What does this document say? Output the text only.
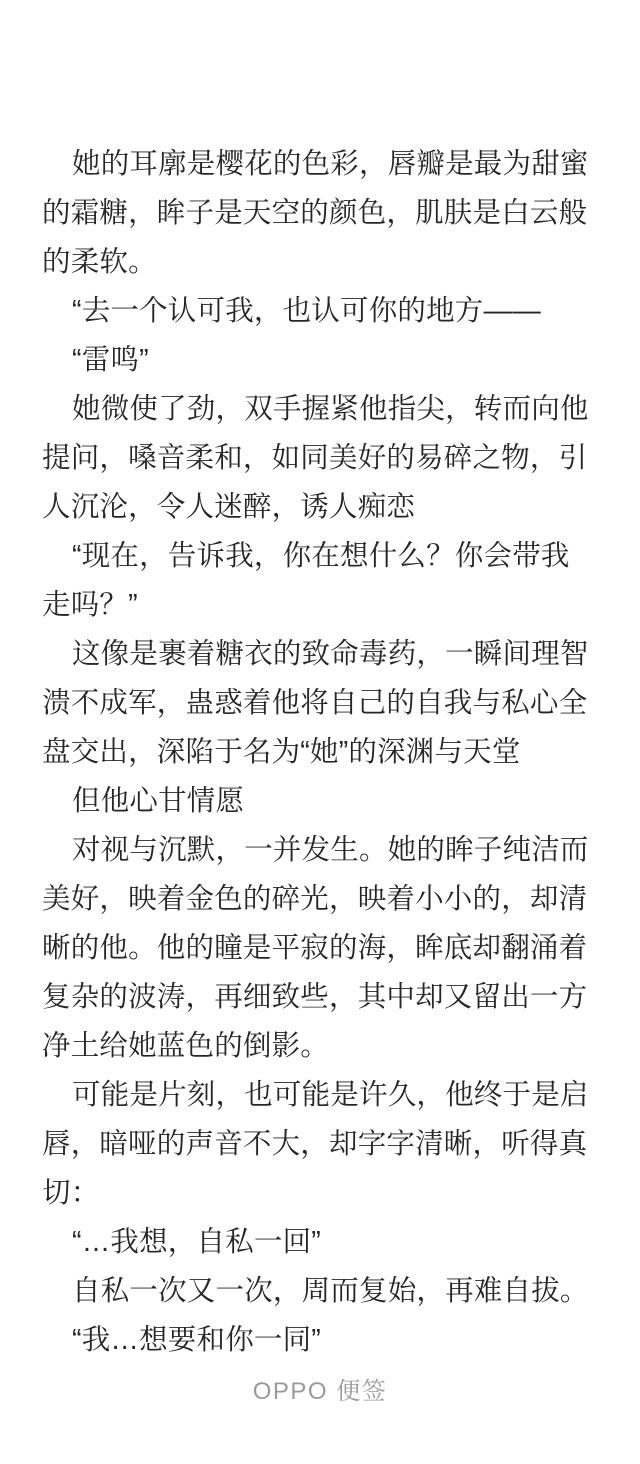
她的耳廓是樱花的色彩，唇瓣是最为甜蜜的霜糖，眸子是天空的颜色，肌肤是白云般的柔软。

“去一个认可我，也认可你的地方——

“雷鸣”

她微使了劲，双手握紧他指尖，转而向他提问，嗓音柔和，如同美好的易碎之物，引人沉沦，令人迷醉，诱人痴恋

“现在，告诉我，你在想什么？你会带我走吗？”

这像是裹着糖衣的致命毒药，一瞬间理智溃不成军，蛊惑着他将自己的自我与私心全盘交出，深陷于名为“她”的深渊与天堂

但他心甘情愿

对视与沉默，一并发生。她的眸子纯洁而美好，映着金色的碎光，映着小小的，却清晰的他。他的瞳是平寂的海，眸底却翻涌着复杂的波涛，再细致些，其中却又留出一方净土给她蓝色的倒影。

可能是片刻，也可能是许久，他终于是启唇，暗哑的声音不大，却字字清晰，听得真切：

“…我想，自私一回”

自私一次又一次，周而复始，再难自拔。

“我…想要和你一同”

OPPO 便签
